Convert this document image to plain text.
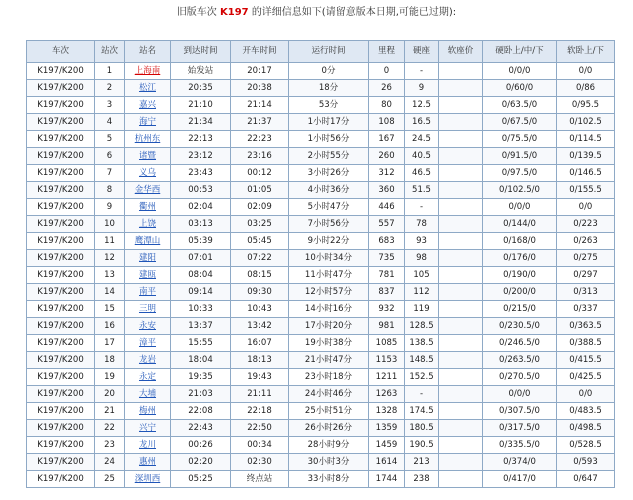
旧版车次 K197 的详细信息如下(请留意版本日期,可能已过期):
车次	站次	站名	到达时间	开车时间	运行时间	里程	硬座	软座价	硬卧上/中/下	软卧上/下
K197/K200	1	上海南	始发站	20:17	0分	0	-		0/0/0	0/0
K197/K200	2	松江	20:35	20:38	18分	26	9		0/60/0	0/86
K197/K200	3	嘉兴	21:10	21:14	53分	80	12.5		0/63.5/0	0/95.5
K197/K200	4	海宁	21:34	21:37	1小时17分	108	16.5		0/67.5/0	0/102.5
K197/K200	5	杭州东	22:13	22:23	1小时56分	167	24.5		0/75.5/0	0/114.5
K197/K200	6	诸暨	23:12	23:16	2小时55分	260	40.5		0/91.5/0	0/139.5
K197/K200	7	义乌	23:43	00:12	3小时26分	312	46.5		0/97.5/0	0/146.5
K197/K200	8	金华西	00:53	01:05	4小时36分	360	51.5		0/102.5/0	0/155.5
K197/K200	9	衢州	02:04	02:09	5小时47分	446	-		0/0/0	0/0
K197/K200	10	上饶	03:13	03:25	7小时56分	557	78		0/144/0	0/223
K197/K200	11	鹰潭山	05:39	05:45	9小时22分	683	93		0/168/0	0/263
K197/K200	12	建阳	07:01	07:22	10小时34分	735	98		0/176/0	0/275
K197/K200	13	建瓯	08:04	08:15	11小时47分	781	105		0/190/0	0/297
K197/K200	14	南平	09:14	09:30	12小时57分	837	112		0/200/0	0/313
K197/K200	15	三明	10:33	10:43	14小时16分	932	119		0/215/0	0/337
K197/K200	16	永安	13:37	13:42	17小时20分	981	128.5		0/230.5/0	0/363.5
K197/K200	17	漳平	15:55	16:07	19小时38分	1085	138.5		0/246.5/0	0/388.5
K197/K200	18	龙岩	18:04	18:13	21小时47分	1153	148.5		0/263.5/0	0/415.5
K197/K200	19	永定	19:35	19:43	23小时18分	1211	152.5		0/270.5/0	0/425.5
K197/K200	20	大埔	21:03	21:11	24小时46分	1263	-		0/0/0	0/0
K197/K200	21	梅州	22:08	22:18	25小时51分	1328	174.5		0/307.5/0	0/483.5
K197/K200	22	兴宁	22:43	22:50	26小时26分	1359	180.5		0/317.5/0	0/498.5
K197/K200	23	龙川	00:26	00:34	28小时9分	1459	190.5		0/335.5/0	0/528.5
K197/K200	24	惠州	02:20	02:30	30小时3分	1614	213		0/374/0	0/593
K197/K200	25	深圳西	05:25	终点站	33小时8分	1744	238		0/417/0	0/647
